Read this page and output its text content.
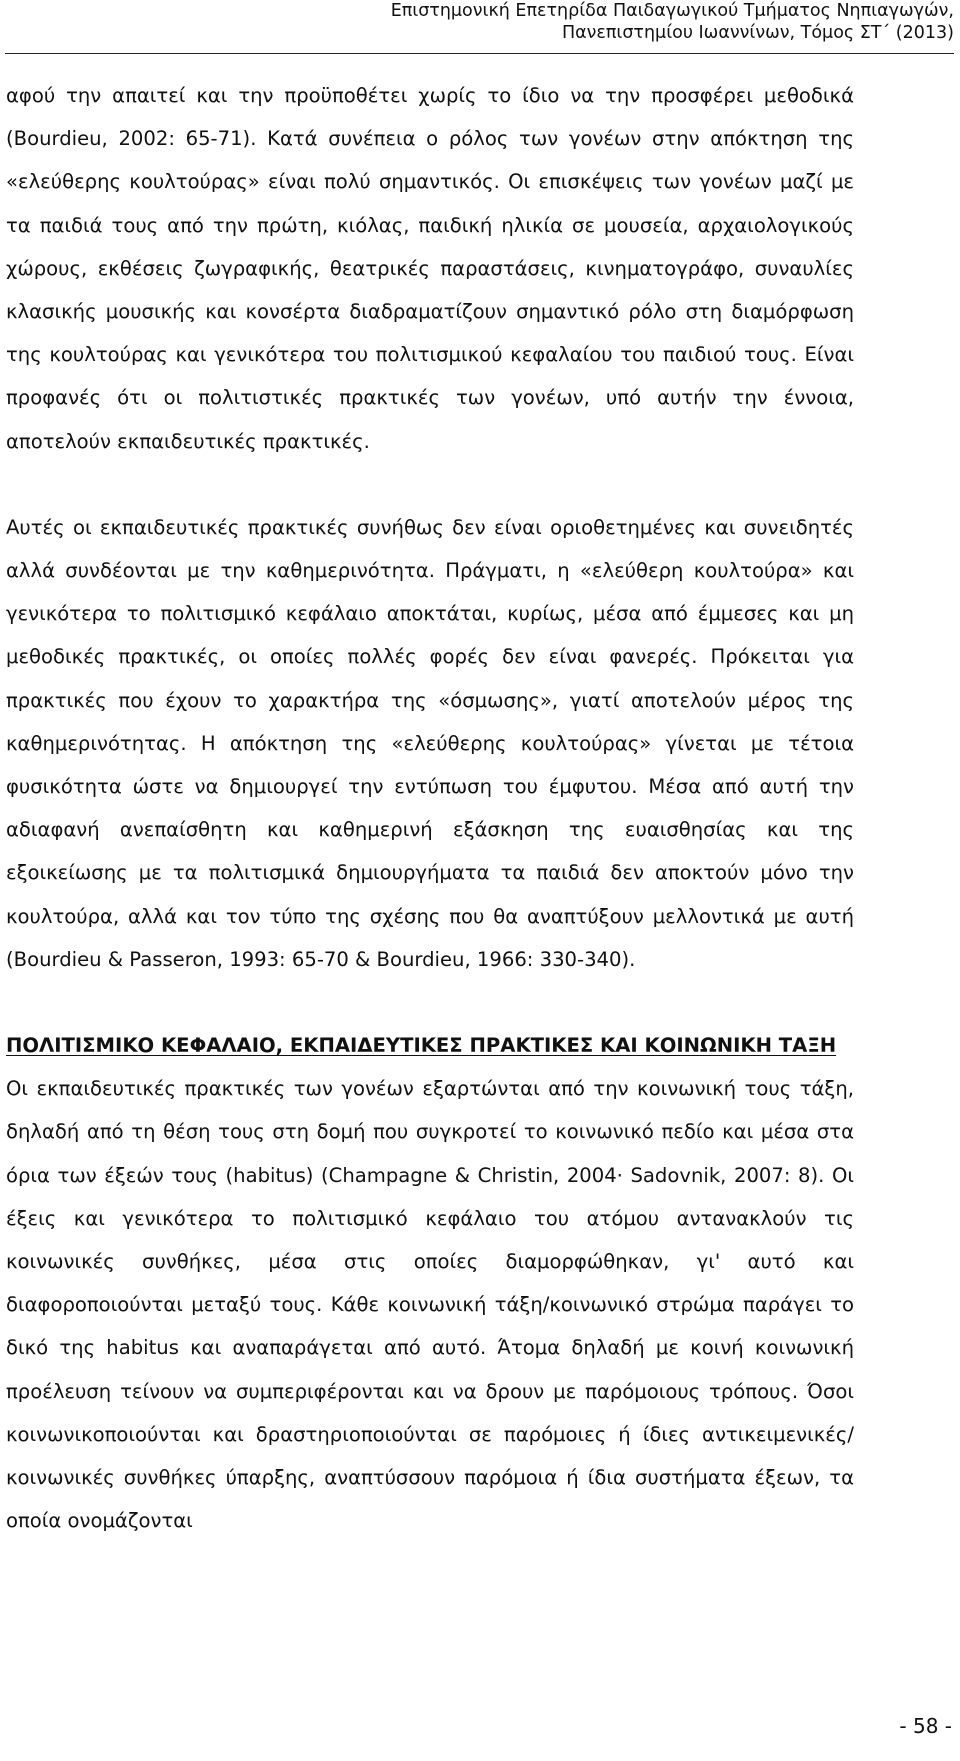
Επιστημονική Επετηρίδα Παιδαγωγικού Τμήματος Νηπιαγωγών,
Πανεπιστημίου Ιωαννίνων, Τόμος ΣΤ΄ (2013)

αφού την απαιτεί και την προϋποθέτει χωρίς το ίδιο να την προσφέρει μεθοδικά (Bourdieu, 2002: 65-71). Κατά συνέπεια ο ρόλος των γονέων στην απόκτηση της «ελεύθερης κουλτούρας» είναι πολύ σημαντικός. Οι επισκέψεις των γονέων μαζί με τα παιδιά τους από την πρώτη, κιόλας, παιδική ηλικία σε μουσεία, αρχαιολογικούς χώρους, εκθέσεις ζωγραφικής, θεατρικές παραστάσεις, κινηματογράφο, συναυλίες κλασικής μουσικής και κονσέρτα διαδραματίζουν σημαντικό ρόλο στη διαμόρφωση της κουλτούρας και γενικότερα του πολιτισμικού κεφαλαίου του παιδιού τους. Είναι προφανές ότι οι πολιτιστικές πρακτικές των γονέων, υπό αυτήν την έννοια, αποτελούν εκπαιδευτικές πρακτικές.

Αυτές οι εκπαιδευτικές πρακτικές συνήθως δεν είναι οριοθετημένες και συνειδητές αλλά συνδέονται με την καθημερινότητα. Πράγματι, η «ελεύθερη κουλτούρα» και γενικότερα το πολιτισμικό κεφάλαιο αποκτάται, κυρίως, μέσα από έμμεσες και μη μεθοδικές πρακτικές, οι οποίες πολλές φορές δεν είναι φανερές. Πρόκειται για πρακτικές που έχουν το χαρακτήρα της «όσμωσης», γιατί αποτελούν μέρος της καθημερινότητας. Η απόκτηση της «ελεύθερης κουλτούρας» γίνεται με τέτοια φυσικότητα ώστε να δημιουργεί την εντύπωση του έμφυτου. Μέσα από αυτή την αδιαφανή ανεπαίσθητη και καθημερινή εξάσκηση της ευαισθησίας και της εξοικείωσης με τα πολιτισμικά δημιουργήματα τα παιδιά δεν αποκτούν μόνο την κουλτούρα, αλλά και τον τύπο της σχέσης που θα αναπτύξουν μελλοντικά με αυτή (Bourdieu & Passeron, 1993: 65-70 & Bourdieu, 1966: 330-340).

ΠΟΛΙΤΙΣΜΙΚΟ ΚΕΦΑΛΑΙΟ, ΕΚΠΑΙΔΕΥΤΙΚΕΣ ΠΡΑΚΤΙΚΕΣ ΚΑΙ ΚΟΙΝΩΝΙΚΗ ΤΑΞΗ

Οι εκπαιδευτικές πρακτικές των γονέων εξαρτώνται από την κοινωνική τους τάξη, δηλαδή από τη θέση τους στη δομή που συγκροτεί το κοινωνικό πεδίο και μέσα στα όρια των έξεών τους (habitus) (Champagne & Christin, 2004· Sadovnik, 2007: 8). Οι έξεις και γενικότερα το πολιτισμικό κεφάλαιο του ατόμου αντανακλούν τις κοινωνικές συνθήκες, μέσα στις οποίες διαμορφώθηκαν, γι' αυτό και διαφοροποιούνται μεταξύ τους. Κάθε κοινωνική τάξη/κοινωνικό στρώμα παράγει το δικό της habitus και αναπαράγεται από αυτό. Άτομα δηλαδή με κοινή κοινωνική προέλευση τείνουν να συμπεριφέρονται και να δρουν με παρόμοιους τρόπους. Όσοι κοινωνικοποιούνται και δραστηριοποιούνται σε παρόμοιες ή ίδιες αντικειμενικές/κοινωνικές συνθήκες ύπαρξης, αναπτύσσουν παρόμοια ή ίδια συστήματα έξεων, τα οποία ονομάζονται

- 58 -
